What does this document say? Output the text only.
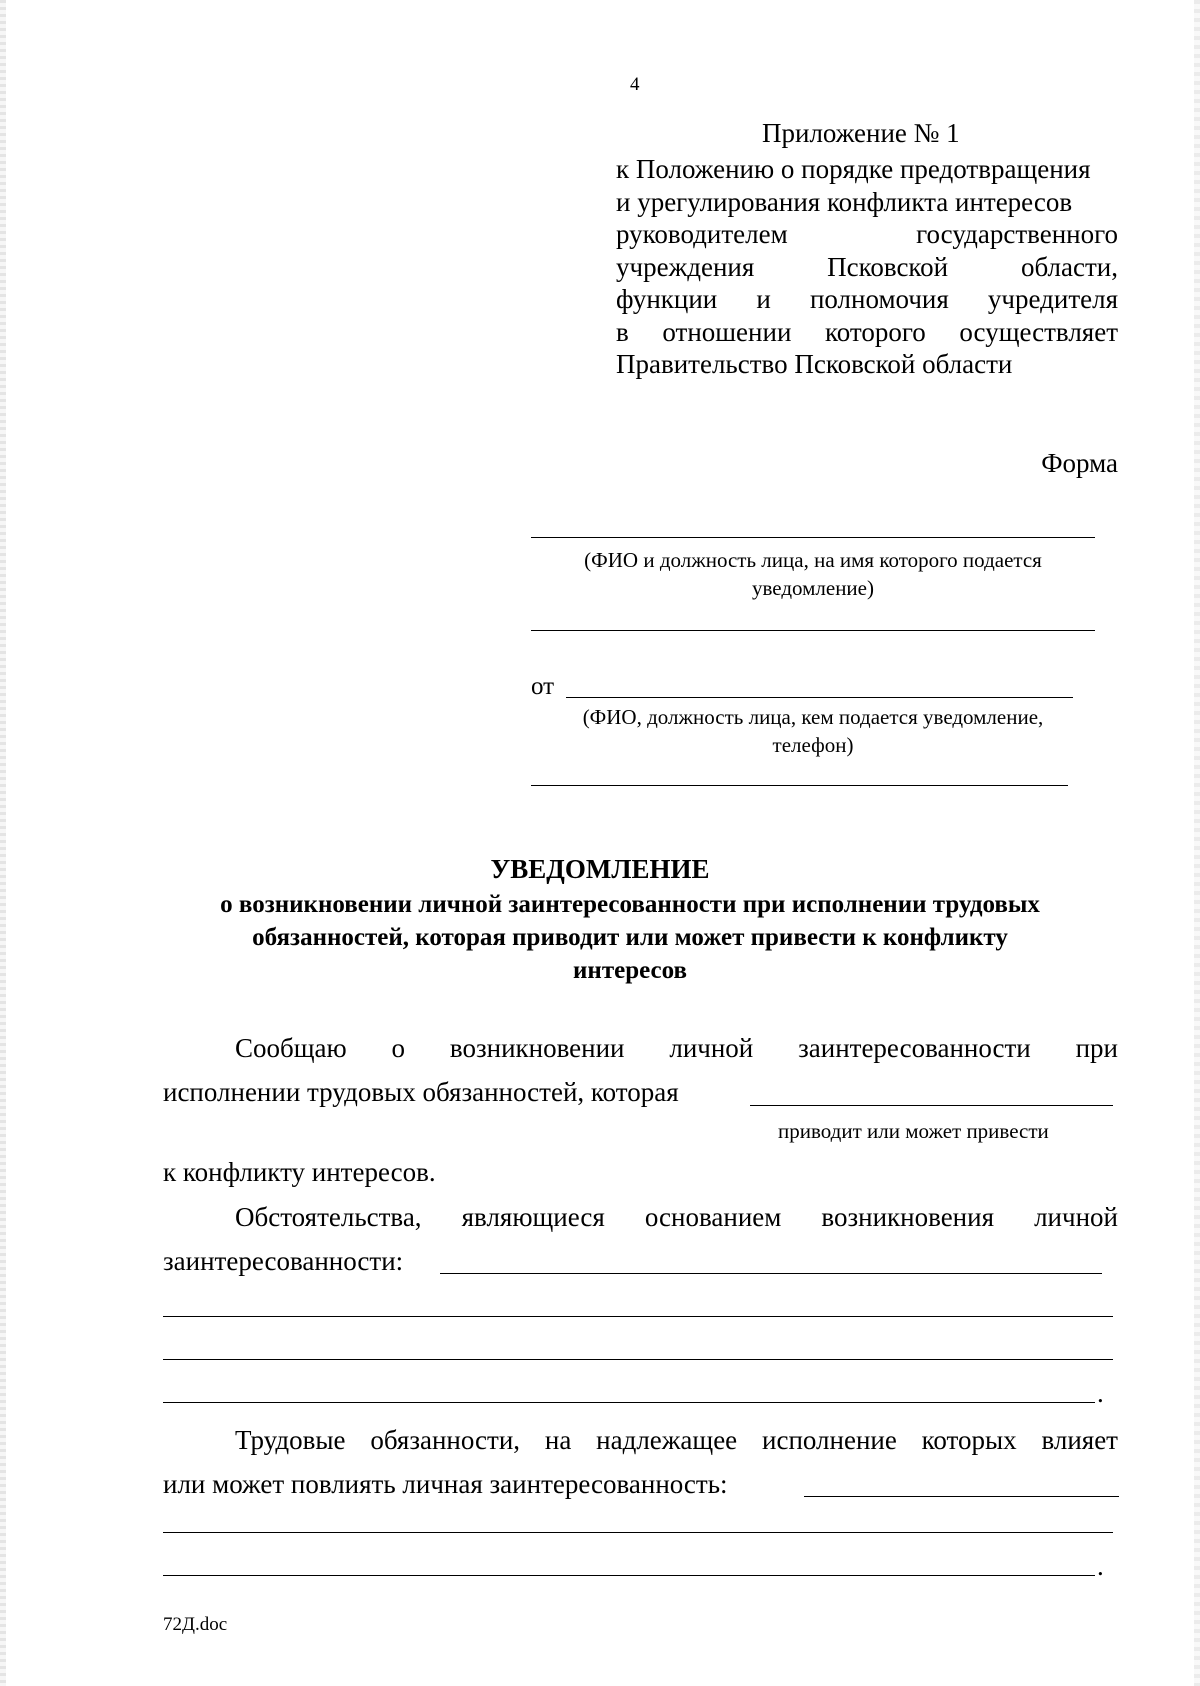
4
Приложение № 1
к Положению о порядке предотвращения
и урегулирования конфликта интересов
руководителем государственного
учреждения Псковской области,
функции и полномочия учредителя
в отношении которого осуществляет
Правительство Псковской области
Форма
(ФИО и должность лица, на имя которого подается
уведомление)
от
(ФИО, должность лица, кем подается уведомление,
телефон)
УВЕДОМЛЕНИЕ
о возникновении личной заинтересованности при исполнении трудовых
обязанностей, которая приводит или может привести к конфликту
интересов
Сообщаю о возникновении личной заинтересованности при
исполнении трудовых обязанностей, которая
приводит или может привести
к конфликту интересов.
Обстоятельства, являющиеся основанием возникновения личной
заинтересованности:
.
Трудовые обязанности, на надлежащее исполнение которых влияет
или может повлиять личная заинтересованность:
.
72Д.doc
